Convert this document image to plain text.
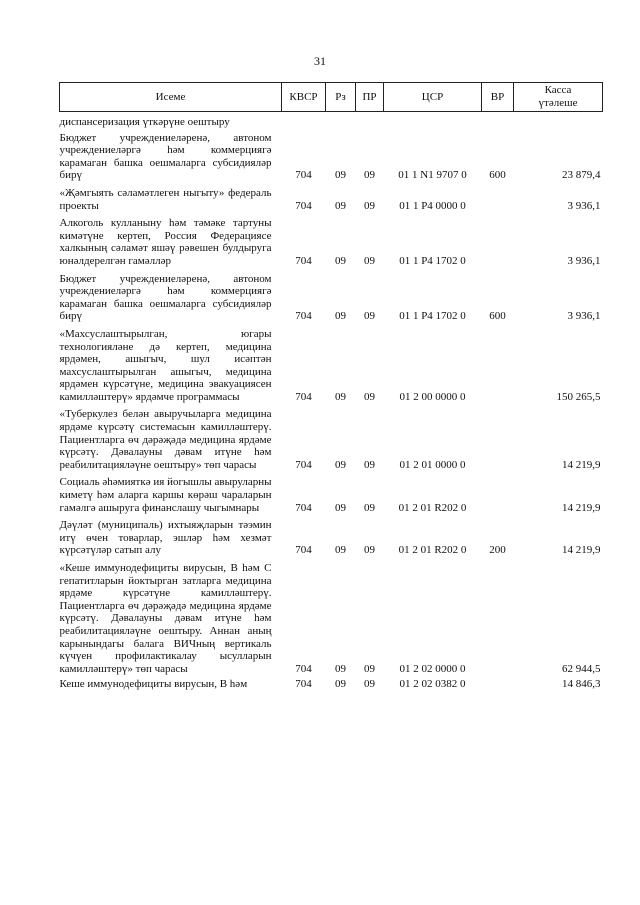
31
Исеме	КВСР	Рз	ПР	ЦСР	ВР	Касса
үтәлеше

диспансеризация үткәрүне оештыру						
Бюджет учреждениеләренә, автоном учреждениеләргә һәм коммерциягә карамаган башка оешмаларга субсидияләр бирү	704	09	09	01 1 N1 9707 0	600	23 879,4
«Җәмгыять сәламәтлеген ныгыту» федераль проекты	704	09	09	01 1 P4 0000 0		3 936,1
Алкоголь кулланыну һәм тәмәке тартуны кимәтүне кертеп, Россия Федерациясе халкының сәламәт яшәү рәвешен булдыруга юнәлдерелгән гамәлләр	704	09	09	01 1 P4 1702 0		3 936,1
Бюджет учреждениеләренә, автоном учреждениеләргә һәм коммерциягә карамаган башка оешмаларга субсидияләр бирү	704	09	09	01 1 P4 1702 0	600	3 936,1
«Махсуслаштырылган, югары технологияләне дә кертеп, медицина ярдәмен, ашыгыч, шул исәптән махсуслаштырылган ашыгыч, медицина ярдәмен күрсәтүне, медицина эвакуациясен камилләштерү» ярдәмче программасы	704	09	09	01 2 00 0000 0		150 265,5
«Туберкулез белән авыручыларга медицина ярдәме күрсәтү системасын камилләштерү. Пациентларга өч дәрәҗәдә медицина ярдәме күрсәтү. Дәвалауны дәвам итүне һәм реабилитацияләүне оештыру» төп чарасы	704	09	09	01 2 01 0000 0		14 219,9
Социаль әһәмияткә ия йогышлы авыруларны киметү һәм аларга каршы көрәш чараларын гамәлгә ашыруга финанслашу чыгымнары	704	09	09	01 2 01 R202 0		14 219,9
Дәүләт (муниципаль) ихтыяҗларын тәэмин итү өчен товарлар, эшләр һәм хезмәт күрсәтүләр сатып алу	704	09	09	01 2 01 R202 0	200	14 219,9
«Кеше иммунодефициты вирусын, В һәм С гепатитларын йоктырган затларга медицина ярдәме күрсәтүне камилләштерү. Пациентларга өч дәрәҗәдә медицина ярдәме күрсәтү. Дәвалауны дәвам итүне һәм реабилитацияләүне оештыру. Аннан аның карынындагы балага ВИЧның вертикаль күчүен профилактикалау ысулларын камилләштерү» төп чарасы	704	09	09	01 2 02 0000 0		62 944,5
Кеше иммунодефициты вирусын, В һәм	704	09	09	01 2 02 0382 0		14 846,3
